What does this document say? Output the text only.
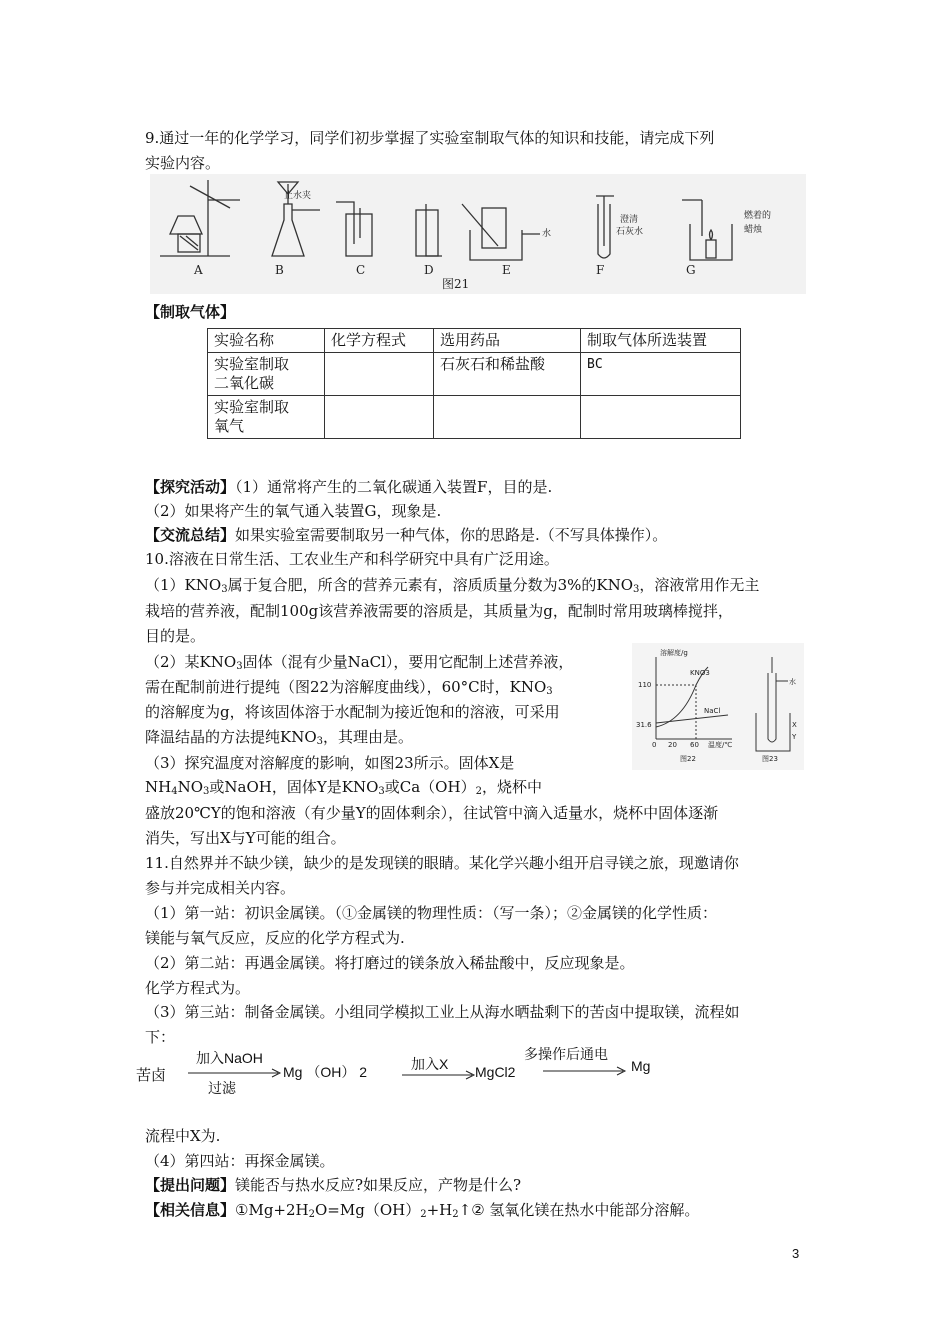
9.通过一年的化学学习，同学们初步掌握了实验室制取气体的知识和技能，请完成下列
实验内容。
A	B	C	D	E	F	G
图21
止水夹
水
澄清
石灰水
燃着的
蜡烛
【制取气体】
实验名称	化学方程式	选用药品	制取气体所选装置

实验室制取
二氧化碳		石灰石和稀盐酸	BC

实验室制取
氧气			

【探究活动】（1）通常将产生的二氧化碳通入装置F，目的是.
（2）如果将产生的氧气通入装置G，现象是.
【交流总结】如果实验室需要制取另一种气体，你的思路是.（不写具体操作）。
10.溶液在日常生活、工农业生产和科学研究中具有广泛用途。
$(1)KNO_3$属于复合肥，所含的营养元素有，溶质质量分数为3%的$KNO_3$，溶液常用作无主
栽培的营养液，配制100g该营养液需要的溶质是，其质量为g，配制时常用玻璃棒搅拌，
目的是。
（2）某$KNO_3$固体（混有少量NaCl），要用它配制上述营养液，
需在配制前进行提纯（图22为溶解度曲线），60°C时，$KNO_3$
的溶解度为g，将该固体溶于水配制为接近饱和的溶液，可采用
降温结晶的方法提纯$KNO_3$，其理由是。
溶解度/g
110
31.6
0 20 60 温度/℃
KNO3
NaCl
水
X
Y
图22	图23
（3）探究温度对溶解度的影响，如图23所示。固体X是
$NH_4NO_3$或NaOH，固体Y是$KNO_3$或$Ca(OH)_2$，烧杯中
盛放20℃Y的饱和溶液（有少量Y的固体剩余），往试管中滴入适量水，烧杯中固体逐渐
消失，写出X与Y可能的组合。
11.自然界并不缺少镁，缺少的是发现镁的眼睛。某化学兴趣小组开启寻镁之旅，现邀请你
参与并完成相关内容。
（1）第一站：初识金属镁。（①金属镁的物理性质：（写一条）；②金属镁的化学性质：
镁能与氧气反应，反应的化学方程式为.
（2）第二站：再遇金属镁。将打磨过的镁条放入稀盐酸中，反应现象是。
化学方程式为。
（3）第三站：制备金属镁。小组同学模拟工业上从海水晒盐剩下的苦卤中提取镁，流程如
下：
苦卤
加入NaOH
过滤
Mg （OH） 2	加入X MgCl2
多操作后通电
Mg
流程中X为.
（4）第四站：再探金属镁。
【提出问题】镁能否与热水反应?如果反应，产物是什么?
【相关信息】$①Mg+2H_2O=Mg(OH)_2+H_2↑②$ 氢氧化镁在热水中能部分溶解。
3
